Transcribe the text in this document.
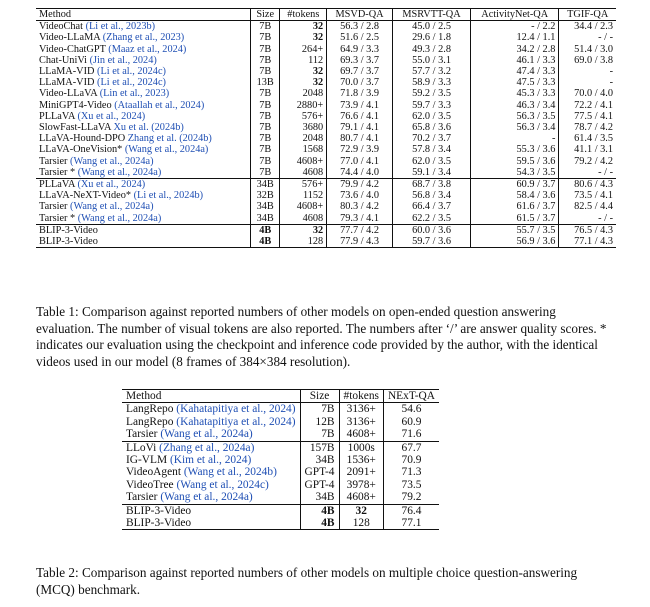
Method	Size	#tokens	MSVD-QA	MSRVTT-QA	ActivityNet-QA	TGIF-QA
VideoChat (Li et al., 2023b)	7B	32	56.3 / 2.8	45.0 / 2.5	- / 2.2	34.4 / 2.3
Video-LLaMA (Zhang et al., 2023)	7B	32	51.6 / 2.5	29.6 / 1.8	12.4 / 1.1	- / -
Video-ChatGPT (Maaz et al., 2024)	7B	264+	64.9 / 3.3	49.3 / 2.8	34.2 / 2.8	51.4 / 3.0
Chat-UniVi (Jin et al., 2024)	7B	112	69.3 / 3.7	55.0 / 3.1	46.1 / 3.3	69.0 / 3.8
LLaMA-VID (Li et al., 2024c)	7B	32	69.7 / 3.7	57.7 / 3.2	47.4 / 3.3	-
LLaMA-VID (Li et al., 2024c)	13B	32	70.0 / 3.7	58.9 / 3.3	47.5 / 3.3	-
Video-LLaVA (Lin et al., 2023)	7B	2048	71.8 / 3.9	59.2 / 3.5	45.3 / 3.3	70.0 / 4.0
MiniGPT4-Video (Ataallah et al., 2024)	7B	2880+	73.9 / 4.1	59.7 / 3.3	46.3 / 3.4	72.2 / 4.1
PLLaVA (Xu et al., 2024)	7B	576+	76.6 / 4.1	62.0 / 3.5	56.3 / 3.5	77.5 / 4.1
SlowFast-LLaVA Xu et al. (2024b)	7B	3680	79.1 / 4.1	65.8 / 3.6	56.3 / 3.4	78.7 / 4.2
LLaVA-Hound-DPO Zhang et al. (2024b)	7B	2048	80.7 / 4.1	70.2 / 3.7	-	61.4 / 3.5
LLaVA-OneVision* (Wang et al., 2024a)	7B	1568	72.9 / 3.9	57.8 / 3.4	55.3 / 3.6	41.1 / 3.1
Tarsier (Wang et al., 2024a)	7B	4608+	77.0 / 4.1	62.0 / 3.5	59.5 / 3.6	79.2 / 4.2
Tarsier * (Wang et al., 2024a)	7B	4608	74.4 / 4.0	59.1 / 3.4	54.3 / 3.5	- / -
PLLaVA (Xu et al., 2024)	34B	576+	79.9 / 4.2	68.7 / 3.8	60.9 / 3.7	80.6 / 4.3
LLaVA-NeXT-Video* (Li et al., 2024b)	32B	1152	73.6 / 4.0	56.8 / 3.4	58.4 / 3.6	73.5 / 4.1
Tarsier (Wang et al., 2024a)	34B	4608+	80.3 / 4.2	66.4 / 3.7	61.6 / 3.7	82.5 / 4.4
Tarsier * (Wang et al., 2024a)	34B	4608	79.3 / 4.1	62.2 / 3.5	61.5 / 3.7	- / -
BLIP-3-Video	4B	32	77.7 / 4.2	60.0 / 3.6	55.7 / 3.5	76.5 / 4.3
BLIP-3-Video	4B	128	77.9 / 4.3	59.7 / 3.6	56.9 / 3.6	77.1 / 4.3
Table 1: Comparison against reported numbers of other models on open-ended question answering evaluation. The number of visual tokens are also reported. The numbers after ‘/’ are answer quality scores. * indicates our evaluation using the checkpoint and inference code provided by the author, with the identical videos used in our model (8 frames of 384×384 resolution).
Method	Size	#tokens	NExT-QA
LangRepo (Kahatapitiya et al., 2024)	7B	3136+	54.6
LangRepo (Kahatapitiya et al., 2024)	12B	3136+	60.9
Tarsier (Wang et al., 2024a)	7B	4608+	71.6
LLoVi (Zhang et al., 2024a)	157B	1000s	67.7
IG-VLM (Kim et al., 2024)	34B	1536+	70.9
VideoAgent (Wang et al., 2024b)	GPT-4	2091+	71.3
VideoTree (Wang et al., 2024c)	GPT-4	3978+	73.5
Tarsier (Wang et al., 2024a)	34B	4608+	79.2
BLIP-3-Video	4B	32	76.4
BLIP-3-Video	4B	128	77.1
Table 2: Comparison against reported numbers of other models on multiple choice question-answering (MCQ) benchmark.
